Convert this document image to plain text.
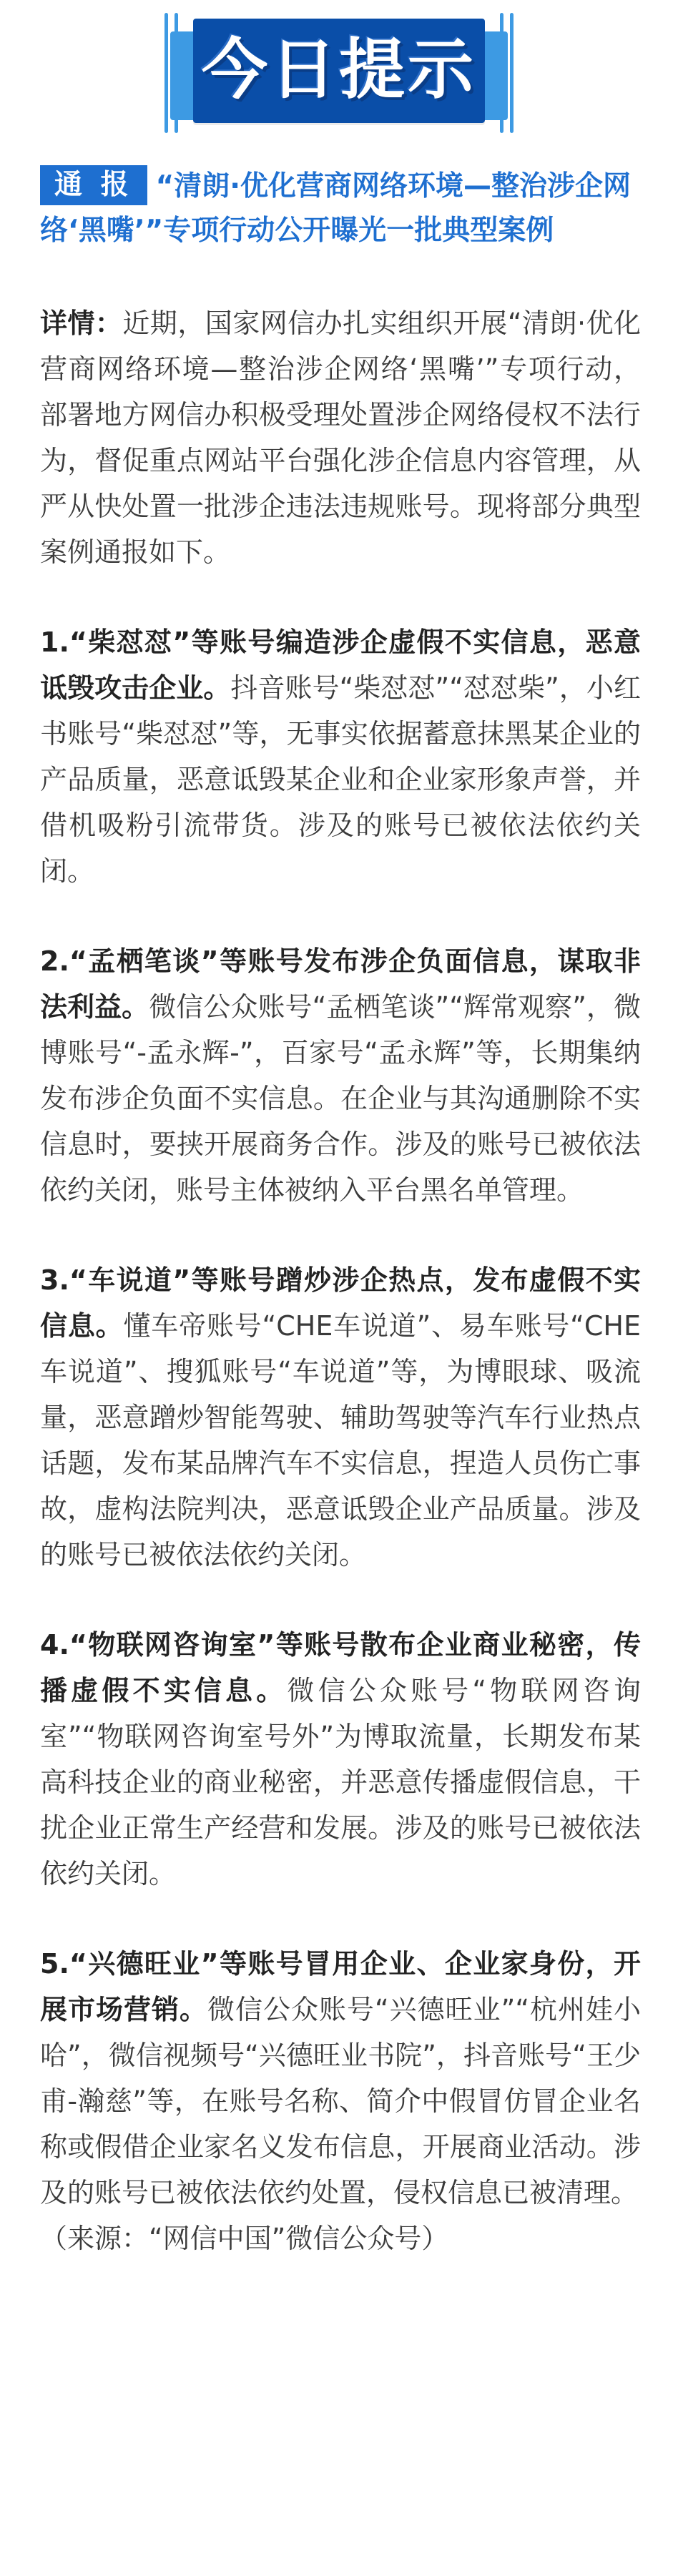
今日提示
通 报 “清朗·优化营商网络环境—整治涉企网络‘黑嘴’”专项行动公开曝光一批典型案例

详情：近期，国家网信办扎实组织开展“清朗·优化营商网络环境—整治涉企网络‘黑嘴’”专项行动，部署地方网信办积极受理处置涉企网络侵权不法行为，督促重点网站平台强化涉企信息内容管理，从严从快处置一批涉企违法违规账号。现将部分典型案例通报如下。

1.“柴怼怼”等账号编造涉企虚假不实信息，恶意诋毁攻击企业。抖音账号“柴怼怼”“怼怼柴”，小红书账号“柴怼怼”等，无事实依据蓄意抹黑某企业的产品质量，恶意诋毁某企业和企业家形象声誉，并借机吸粉引流带货。涉及的账号已被依法依约关闭。

2.“孟栖笔谈”等账号发布涉企负面信息，谋取非法利益。微信公众账号“孟栖笔谈”“辉常观察”，微博账号“-孟永辉-”，百家号“孟永辉”等，长期集纳发布涉企负面不实信息。在企业与其沟通删除不实信息时，要挟开展商务合作。涉及的账号已被依法依约关闭，账号主体被纳入平台黑名单管理。

3.“车说道”等账号蹭炒涉企热点，发布虚假不实信息。懂车帝账号“CHE车说道”、易车账号“CHE车说道”、搜狐账号“车说道”等，为博眼球、吸流量，恶意蹭炒智能驾驶、辅助驾驶等汽车行业热点话题，发布某品牌汽车不实信息，捏造人员伤亡事故，虚构法院判决，恶意诋毁企业产品质量。涉及的账号已被依法依约关闭。

4.“物联网咨询室”等账号散布企业商业秘密，传播虚假不实信息。微信公众账号“物联网咨询室”“物联网咨询室号外”为博取流量，长期发布某高科技企业的商业秘密，并恶意传播虚假信息，干扰企业正常生产经营和发展。涉及的账号已被依法依约关闭。

5.“兴德旺业”等账号冒用企业、企业家身份，开展市场营销。微信公众账号“兴德旺业”“杭州娃小哈”，微信视频号“兴德旺业书院”，抖音账号“王少甫-瀚慈”等，在账号名称、简介中假冒仿冒企业名称或假借企业家名义发布信息，开展商业活动。涉及的账号已被依法依约处置，侵权信息已被清理。

（来源：“网信中国”微信公众号）
